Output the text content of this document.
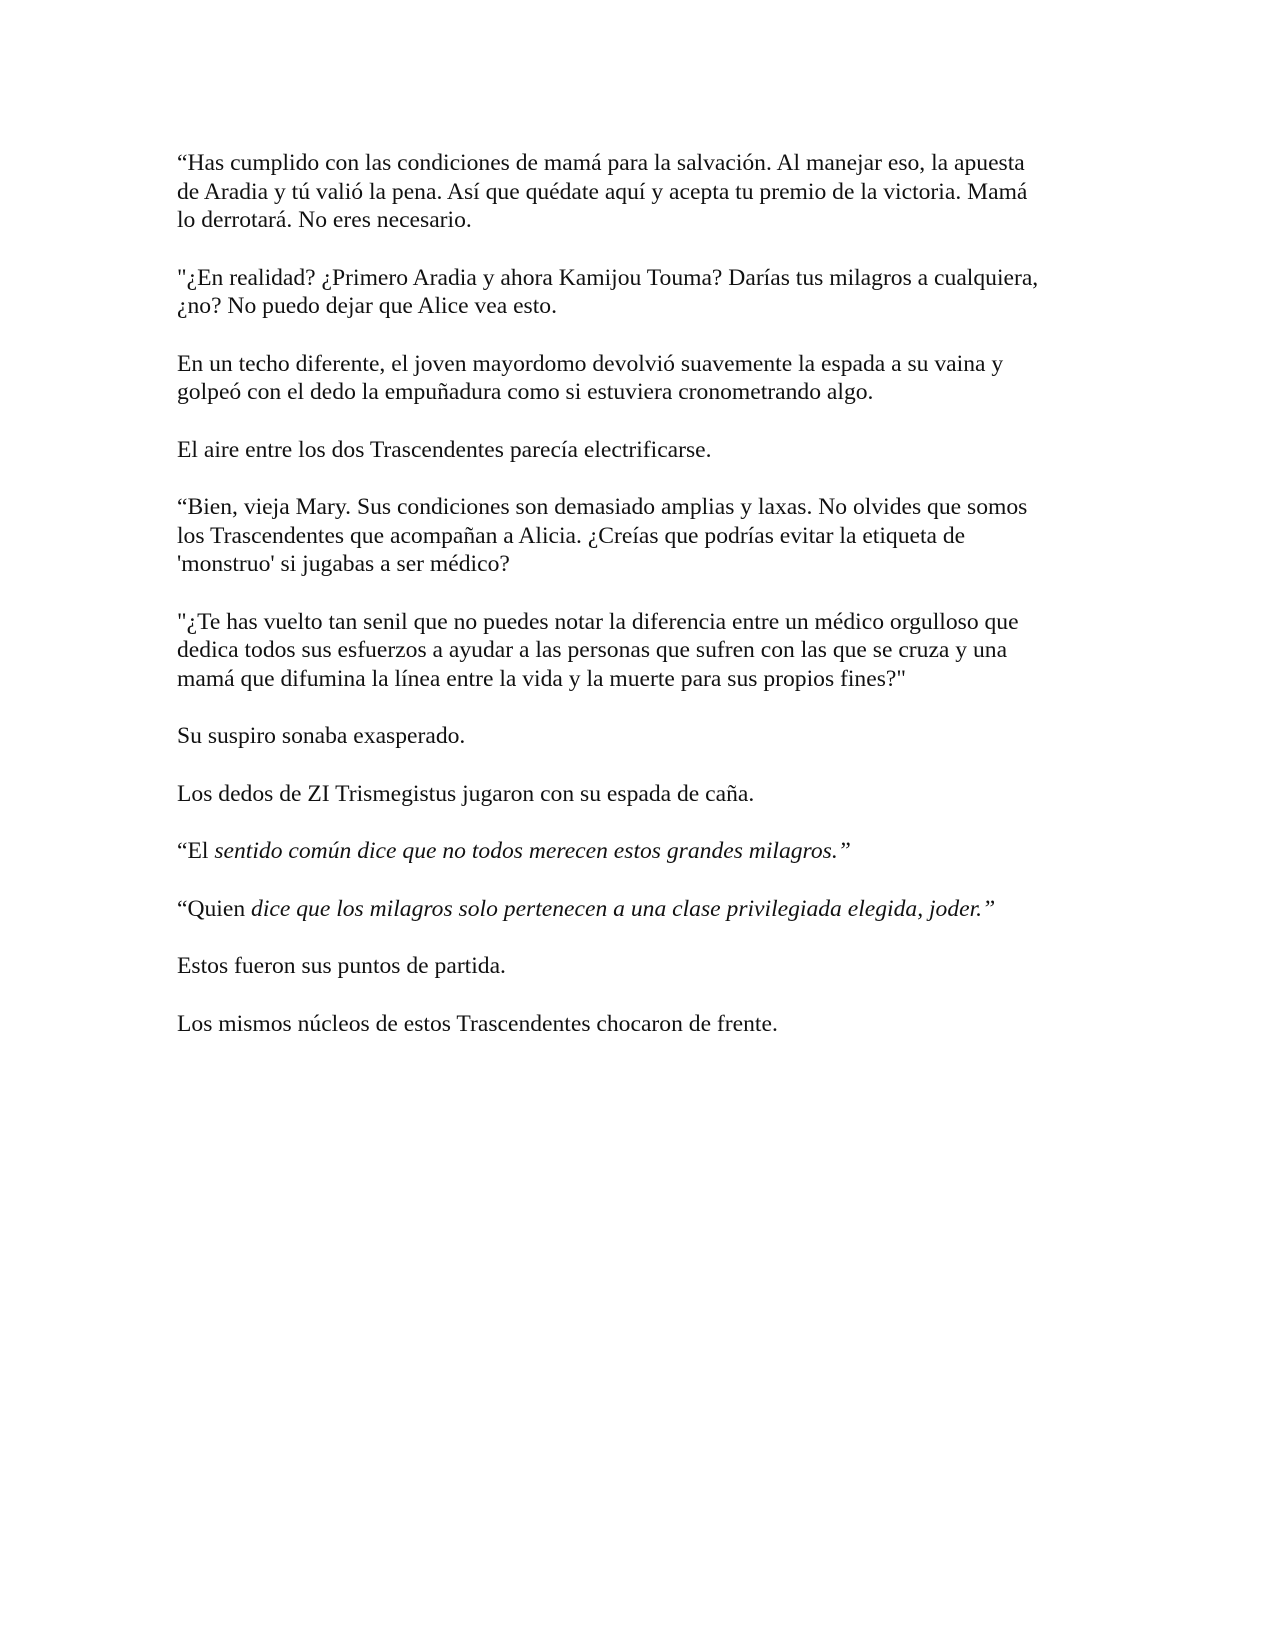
“Has cumplido con las condiciones de mamá para la salvación. Al manejar eso, la apuesta
de Aradia y tú valió la pena. Así que quédate aquí y acepta tu premio de la victoria. Mamá
lo derrotará. No eres necesario.

"¿En realidad? ¿Primero Aradia y ahora Kamijou Touma? Darías tus milagros a cualquiera,
¿no? No puedo dejar que Alice vea esto.

En un techo diferente, el joven mayordomo devolvió suavemente la espada a su vaina y
golpeó con el dedo la empuñadura como si estuviera cronometrando algo.

El aire entre los dos Trascendentes parecía electrificarse.

“Bien, vieja Mary. Sus condiciones son demasiado amplias y laxas. No olvides que somos
los Trascendentes que acompañan a Alicia. ¿Creías que podrías evitar la etiqueta de
'monstruo' si jugabas a ser médico?

"¿Te has vuelto tan senil que no puedes notar la diferencia entre un médico orgulloso que
dedica todos sus esfuerzos a ayudar a las personas que sufren con las que se cruza y una
mamá que difumina la línea entre la vida y la muerte para sus propios fines?"

Su suspiro sonaba exasperado.

Los dedos de ZI Trismegistus jugaron con su espada de caña.

“El sentido común dice que no todos merecen estos grandes milagros.”

“Quien dice que los milagros solo pertenecen a una clase privilegiada elegida, joder.”

Estos fueron sus puntos de partida.

Los mismos núcleos de estos Trascendentes chocaron de frente.
